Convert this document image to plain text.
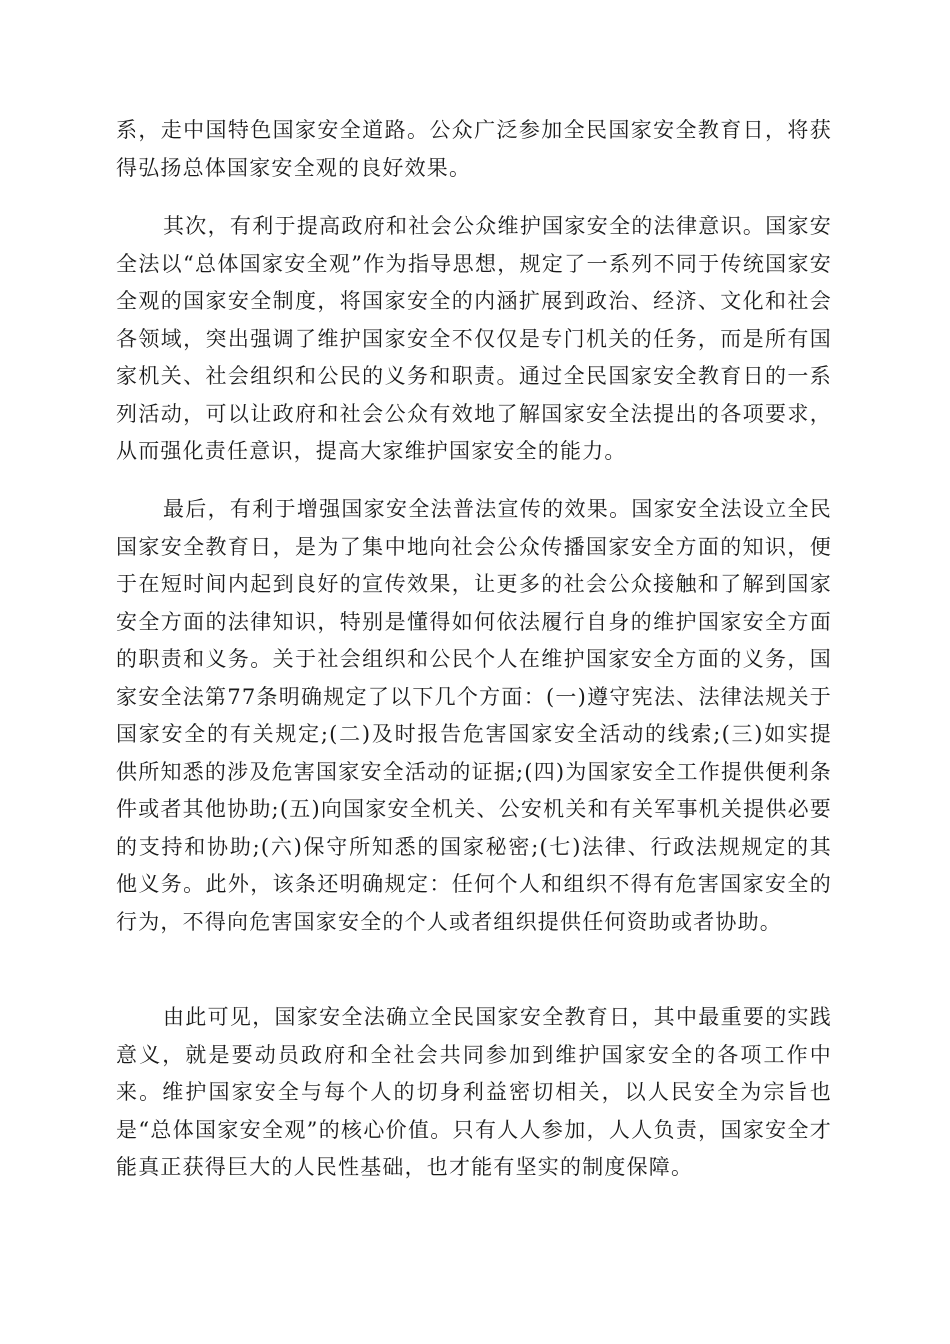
系，走中国特色国家安全道路。公众广泛参加全民国家安全教育日，将获得弘扬总体国家安全观的良好效果。

其次，有利于提高政府和社会公众维护国家安全的法律意识。国家安全法以“总体国家安全观”作为指导思想，规定了一系列不同于传统国家安全观的国家安全制度，将国家安全的内涵扩展到政治、经济、文化和社会各领域，突出强调了维护国家安全不仅仅是专门机关的任务，而是所有国家机关、社会组织和公民的义务和职责。通过全民国家安全教育日的一系列活动，可以让政府和社会公众有效地了解国家安全法提出的各项要求，从而强化责任意识，提高大家维护国家安全的能力。

最后，有利于增强国家安全法普法宣传的效果。国家安全法设立全民国家安全教育日，是为了集中地向社会公众传播国家安全方面的知识，便于在短时间内起到良好的宣传效果，让更多的社会公众接触和了解到国家安全方面的法律知识，特别是懂得如何依法履行自身的维护国家安全方面的职责和义务。关于社会组织和公民个人在维护国家安全方面的义务，国家安全法第77条明确规定了以下几个方面：(一)遵守宪法、法律法规关于国家安全的有关规定;(二)及时报告危害国家安全活动的线索;(三)如实提供所知悉的涉及危害国家安全活动的证据;(四)为国家安全工作提供便利条件或者其他协助;(五)向国家安全机关、公安机关和有关军事机关提供必要的支持和协助;(六)保守所知悉的国家秘密;(七)法律、行政法规规定的其他义务。此外，该条还明确规定：任何个人和组织不得有危害国家安全的行为，不得向危害国家安全的个人或者组织提供任何资助或者协助。

由此可见，国家安全法确立全民国家安全教育日，其中最重要的实践意义，就是要动员政府和全社会共同参加到维护国家安全的各项工作中来。维护国家安全与每个人的切身利益密切相关，以人民安全为宗旨也是“总体国家安全观”的核心价值。只有人人参加，人人负责，国家安全才能真正获得巨大的人民性基础，也才能有坚实的制度保障。
